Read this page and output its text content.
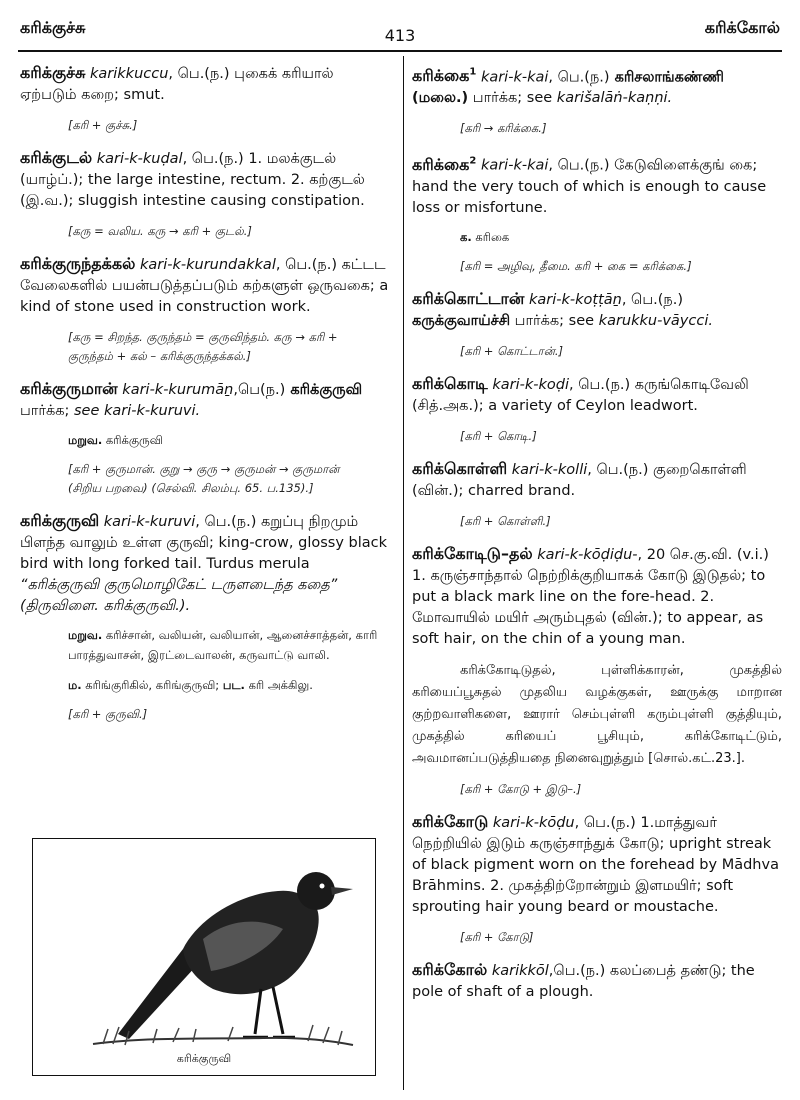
கரிக்குச்சு	413	கரிக்கோல்
கரிக்குச்சு karikkuccu, பெ.(ந.) புகைக் கரியால் ஏற்படும் கறை; smut.
[கரி + குச்சு.]
கரிக்குடல் kari-k-kuḍal, பெ.(ந.) 1. மலக்குடல் (யாழ்ப்.); the large intestine, rectum. 2. கற்குடல் (இ.வ.); sluggish intestine causing constipation.
[கரு = வலிய. கரு → கரி + குடல்.]
கரிக்குருந்தக்கல் kari-k-kurundakkal, பெ.(ந.) கட்டட வேலைகளில் பயன்படுத்தப்படும் கற்களுள் ஒருவகை; a kind of stone used in construction work.
[கரு = சிறந்த. குருந்தம் = குருவிந்தம். கரு → கரி +
குருந்தம் + கல் – கரிக்குருந்தக்கல்.]
கரிக்குருமான் kari-k-kurumāṉ,பெ(ந.) கரிக்குருவி பார்க்க; see kari-k-kuruvi.
மறுவ. கரிக்குருவி
[கரி + குருமான். குறு → குரு → குருமன் → குருமான்
(சிறிய பறவை) (செல்வி. சிலம்பு. 65. ப.135).]
கரிக்குருவி kari-k-kuruvi, பெ.(ந.) கறுப்பு நிறமும் பிளந்த வாலும் உள்ள குருவி; king-crow, glossy black bird with long forked tail. Turdus merula “கரிக்குருவி குருமொழிகேட் டருளடைந்த கதை” (திருவிளை. கரிக்குருவி.).
மறுவ. கரிச்சான், வலியன், வலியான், ஆனைச்சாத்தன், காரி பாரத்துவாசன், இரட்டைவாலன், கருவாட்டு வாலி.
ம. கரிங்குரிகில், கரிங்குருவி; பட. கரி அக்கிலு.
[கரி + குருவி.]
கரிக்குருவி
கரிக்கை$^1$ kari-k-kai, பெ.(ந.) கரிசலாங்கண்ணி (மலை.) பார்க்க; see karišalāṅ-kaṇṇi.
[கரி → கரிக்கை.]
கரிக்கை$^2$ kari-k-kai, பெ.(ந.) கேடுவிளைக்குங் கை; hand the very touch of which is enough to cause loss or misfortune.
க. கரிகை
[கரி = அழிவு, தீமை. கரி + கை = கரிக்கை.]
கரிக்கொட்டான் kari-k-koṭṭāṉ, பெ.(ந.) கருக்குவாய்ச்சி பார்க்க; see karukku-vāycci.
[கரி + கொட்டான்.]
கரிக்கொடி kari-k-koḍi, பெ.(ந.) கருங்கொடிவேலி (சித்.அக.); a variety of Ceylon leadwort.
[கரி + கொடி.]
கரிக்கொள்ளி kari-k-kolli, பெ.(ந.) குறைகொள்ளி (வின்.); charred brand.
[கரி + கொள்ளி.]
கரிக்கோடிடு–தல் kari-k-kōḍiḍu-, 20 செ.கு.வி. (v.i.) 1. கருஞ்சாந்தால் நெற்றிக்குறியாகக் கோடு இடுதல்; to put a black mark line on the fore-head. 2. மோவாயில் மயிர் அரும்புதல் (வின்.); to appear, as soft hair, on the chin of a young man.
கரிக்கோடிடுதல், புள்ளிக்காரன், முகத்தில் கரியைப்பூசுதல் முதலிய வழக்குகள், ஊருக்கு மாறான குற்றவாளிகளை, ஊரார் செம்புள்ளி கரும்புள்ளி குத்தியும், முகத்தில் கரியைப் பூசியும், கரிக்கோடிட்டும், அவமானப்படுத்தியதை நினைவுறுத்தும் [சொல்.கட்.23.].
[கரி + கோடு + இடு–.]
கரிக்கோடு kari-k-kōḍu, பெ.(ந.) 1.மாத்துவர் நெற்றியில் இடும் கருஞ்சாந்துக் கோடு; upright streak of black pigment worn on the forehead by Mādhva Brāhmins. 2. முகத்திற்றோன்றும் இளமயிர்; soft sprouting hair young beard or moustache.
[கரி + கோடு]
கரிக்கோல் karikkōl,பெ.(ந.) கலப்பைத் தண்டு; the pole of shaft of a plough.
